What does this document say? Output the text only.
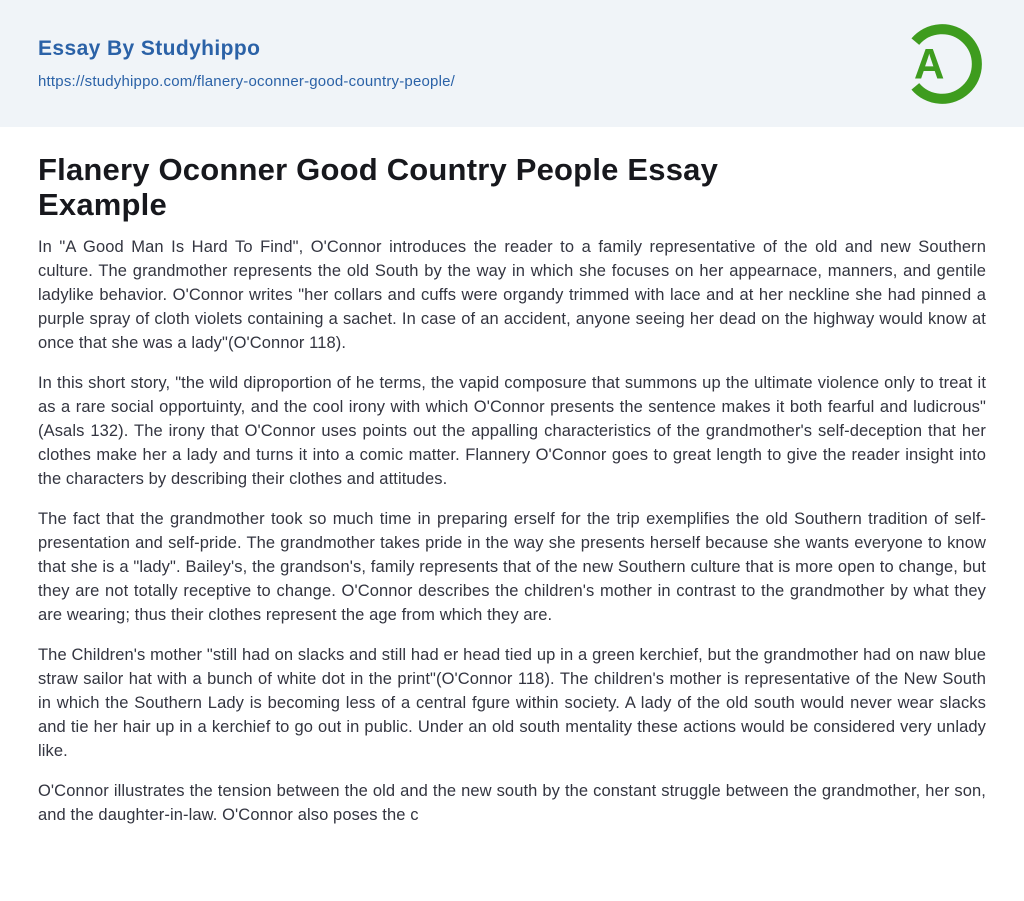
Essay By Studyhippo
https://studyhippo.com/flanery-oconner-good-country-people/	A
Flanery Oconner Good Country People Essay
Example

In "A Good Man Is Hard To Find", O'Connor introduces the reader to a family representative of the old and new Southern culture. The grandmother represents the old South by the way in which she focuses on her appearnace, manners, and gentile ladylike behavior. O'Connor writes "her collars and cuffs were organdy trimmed with lace and at her neckline she had pinned a purple spray of cloth violets containing a sachet. In case of an accident, anyone seeing her dead on the highway would know at once that she was a lady"(O'Connor 118).

In this short story, "the wild diproportion of he terms, the vapid composure that summons up the ultimate violence only to treat it as a rare social opportuinty, and the cool irony with which O'Connor presents the sentence makes it both fearful and ludicrous"(Asals 132). The irony that O'Connor uses points out the appalling characteristics of the grandmother's self-deception that her clothes make her a lady and turns it into a comic matter. Flannery O'Connor goes to great length to give the reader insight into the characters by describing their clothes and attitudes.

The fact that the grandmother took so much time in preparing erself for the trip exemplifies the old Southern tradition of self-presentation and self-pride. The grandmother takes pride in the way she presents herself because she wants everyone to know that she is a "lady". Bailey's, the grandson's, family represents that of the new Southern culture that is more open to change, but they are not totally receptive to change. O'Connor describes the children's mother in contrast to the grandmother by what they are wearing; thus their clothes represent the age from which they are.

The Children's mother "still had on slacks and still had er head tied up in a green kerchief, but the grandmother had on naw blue straw sailor hat with a bunch of white dot in the print"(O'Connor 118). The children's mother is representative of the New South in which the Southern Lady is becoming less of a central fgure within society. A lady of the old south would never wear slacks and tie her hair up in a kerchief to go out in public. Under an old south mentality these actions would be considered very unlady like.

O'Connor illustrates the tension between the old and the new south by the constant struggle between the grandmother, her son, and the daughter-in-law. O'Connor also poses the c
